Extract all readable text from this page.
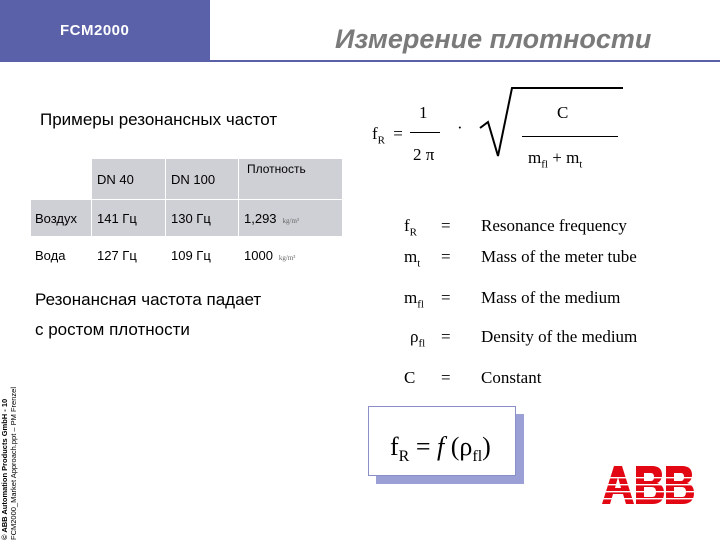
FCM2000	Измерение плотности
Примеры резонансных частот
	DN 40	DN 100	Плотность

Воздух	141 Гц	130 Гц	1,293 kg/m³
Вода	127 Гц	109 Гц	1000 kg/m³
Резонансная частота падает
с ростом плотности
$f_R$ =
1
2 π
·
C
$m_{fl} + m_t$
$f_R$ = Resonance frequency
$m_t$ = Mass of the meter tube
$m_{fl}$ = Mass of the medium
$\rho_{fl}$ = Density of the medium
C = Constant
$f_R = f$ $(\rho_{fl})$
© ABB Automation Products GmbH - 10 FCM2000_Market Approach.ppt – PM Frenzel
